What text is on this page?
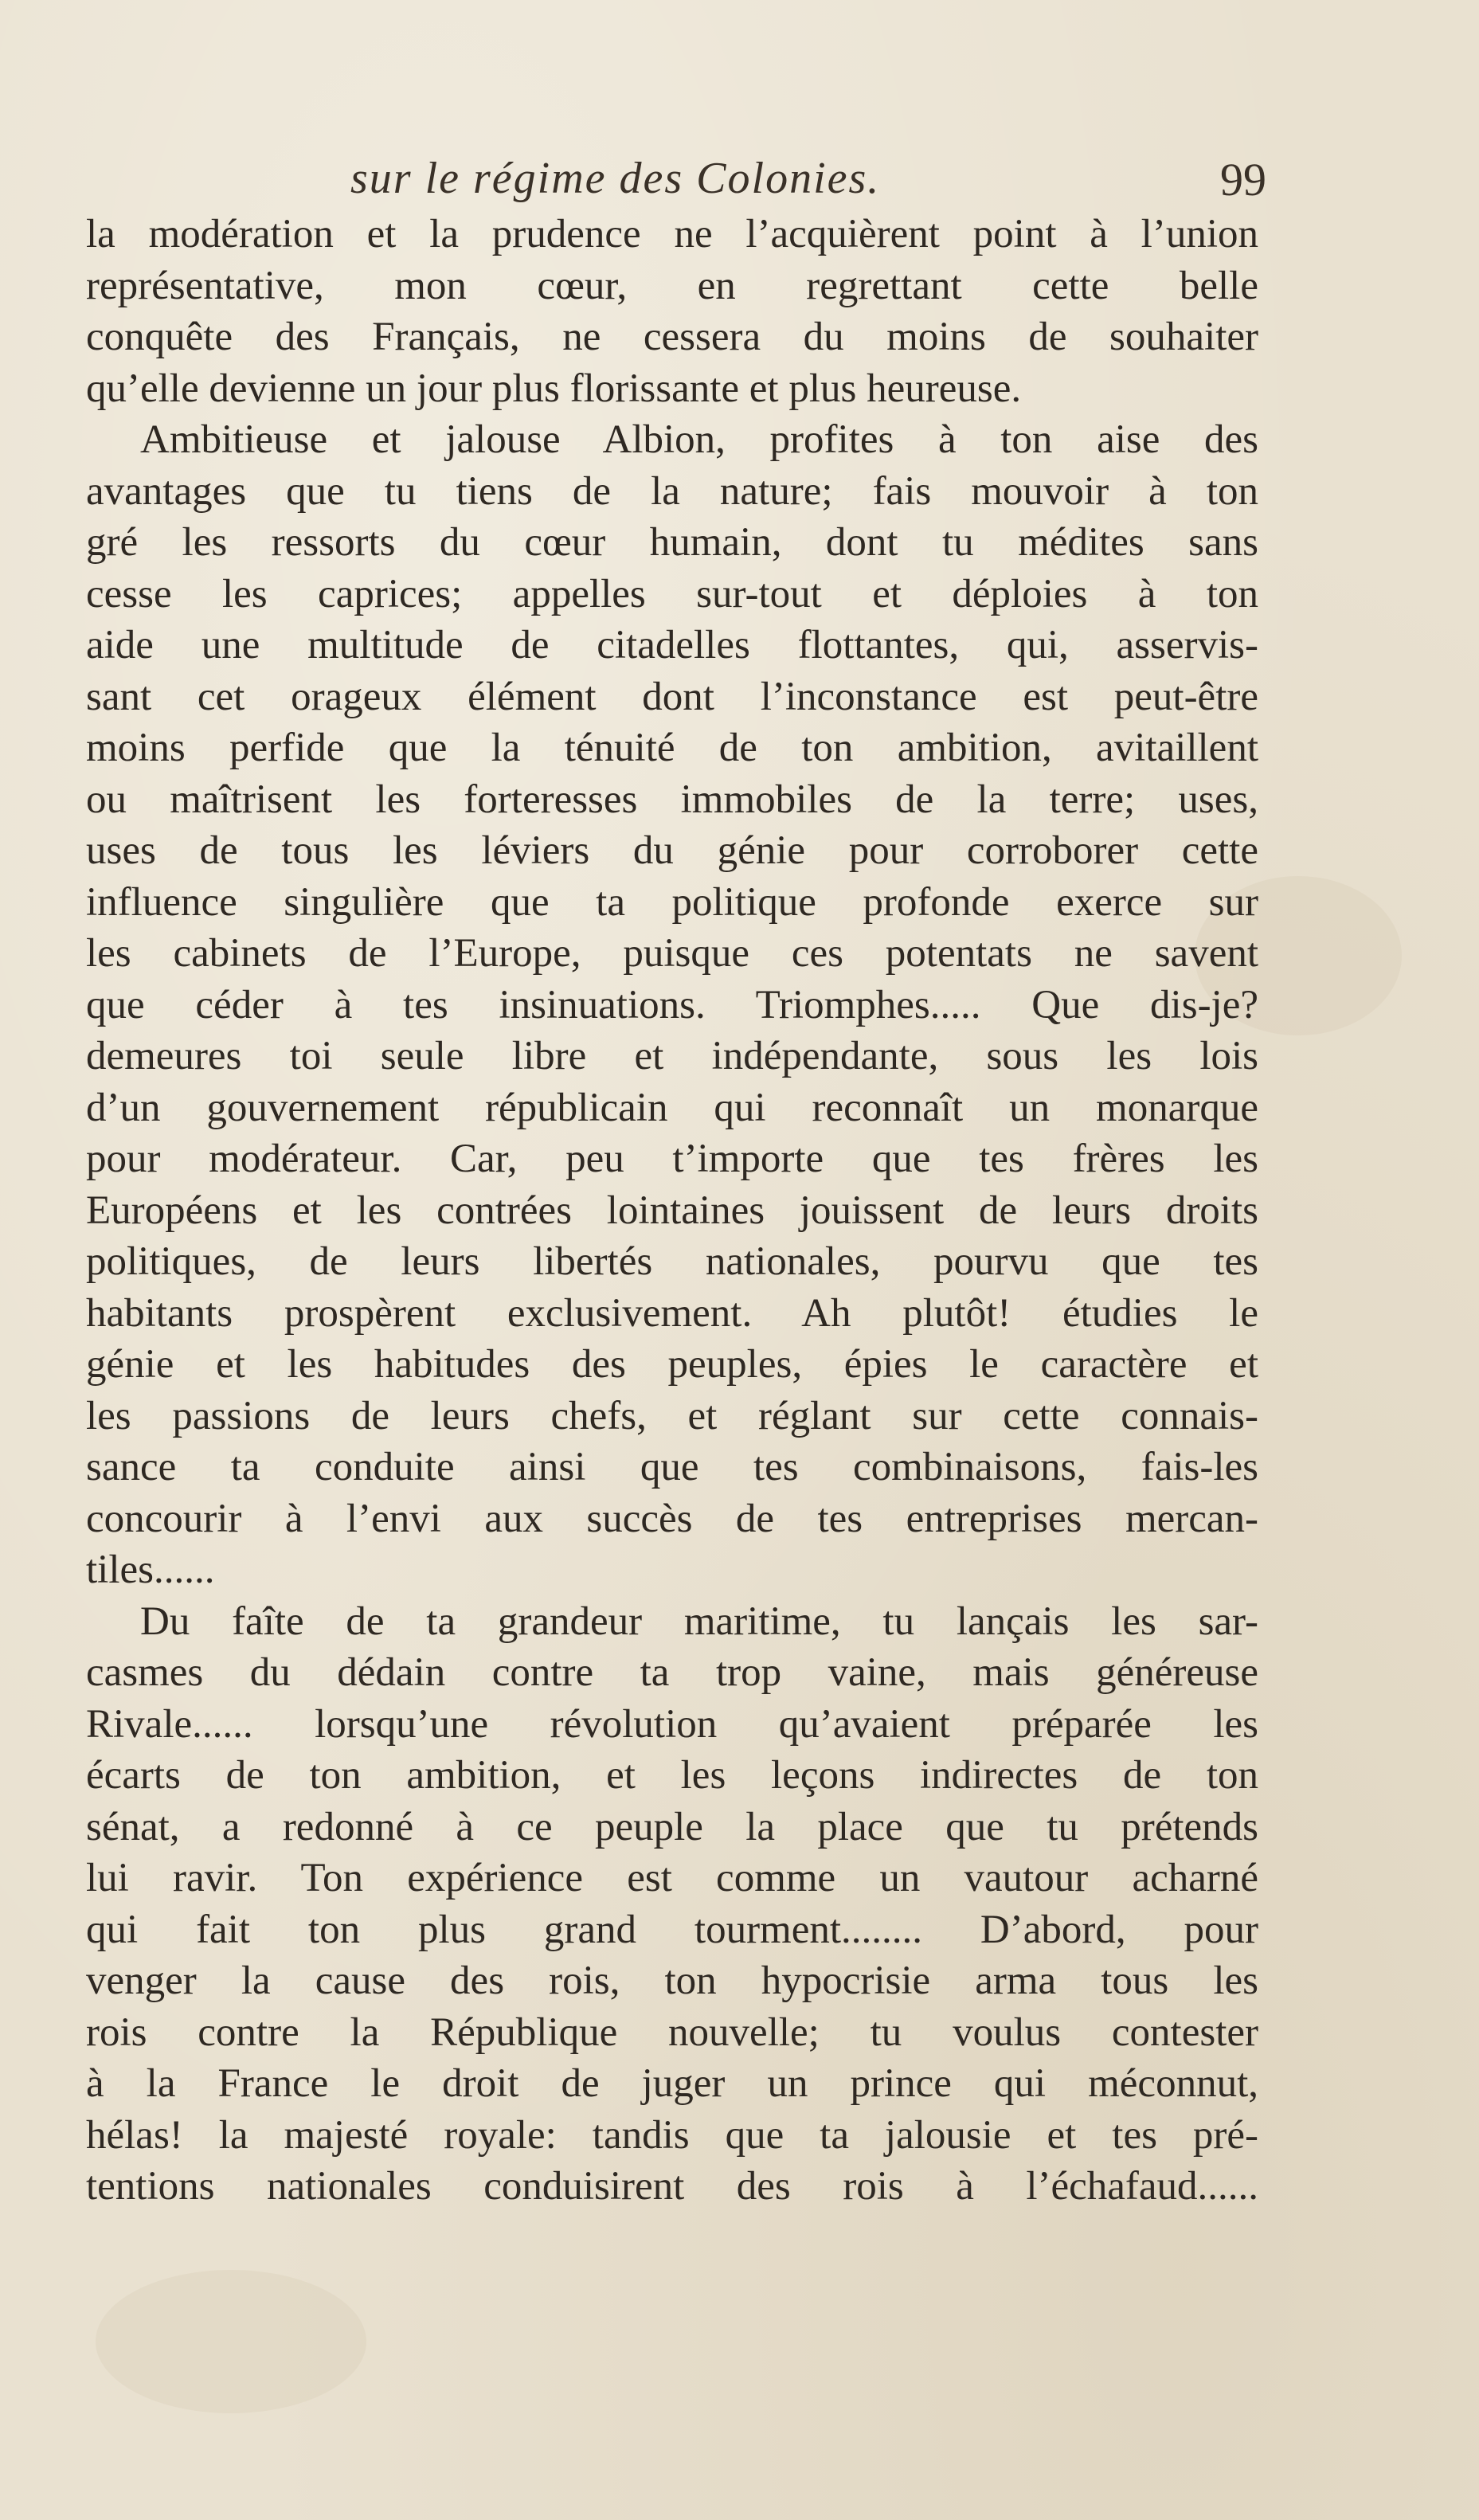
sur le régime des Colonies.	99
la modération et la prudence ne l’acquièrent point à l’union
représentative, mon cœur, en regrettant cette belle
conquête des Français, ne cessera du moins de souhaiter
qu’elle devienne un jour plus florissante et plus heureuse.
Ambitieuse et jalouse Albion, profites à ton aise des
avantages que tu tiens de la nature; fais mouvoir à ton
gré les ressorts du cœur humain, dont tu médites sans
cesse les caprices; appelles sur-tout et déploies à ton
aide une multitude de citadelles flottantes, qui, asservis-
sant cet orageux élément dont l’inconstance est peut-être
moins perfide que la ténuité de ton ambition, avitaillent
ou maîtrisent les forteresses immobiles de la terre; uses,
uses de tous les léviers du génie pour corroborer cette
influence singulière que ta politique profonde exerce sur
les cabinets de l’Europe, puisque ces potentats ne savent
que céder à tes insinuations. Triomphes..... Que dis-je?
demeures toi seule libre et indépendante, sous les lois
d’un gouvernement républicain qui reconnaît un monarque
pour modérateur. Car, peu t’importe que tes frères les
Européens et les contrées lointaines jouissent de leurs droits
politiques, de leurs libertés nationales, pourvu que tes
habitants prospèrent exclusivement. Ah plutôt! étudies le
génie et les habitudes des peuples, épies le caractère et
les passions de leurs chefs, et réglant sur cette connais-
sance ta conduite ainsi que tes combinaisons, fais-les
concourir à l’envi aux succès de tes entreprises mercan-
tiles......
Du faîte de ta grandeur maritime, tu lançais les sar-
casmes du dédain contre ta trop vaine, mais généreuse
Rivale...... lorsqu’une révolution qu’avaient préparée les
écarts de ton ambition, et les leçons indirectes de ton
sénat, a redonné à ce peuple la place que tu prétends
lui ravir. Ton expérience est comme un vautour acharné
qui fait ton plus grand tourment........ D’abord, pour
venger la cause des rois, ton hypocrisie arma tous les
rois contre la République nouvelle; tu voulus contester
à la France le droit de juger un prince qui méconnut,
hélas! la majesté royale: tandis que ta jalousie et tes pré-
tentions nationales conduisirent des rois à l’échafaud......
